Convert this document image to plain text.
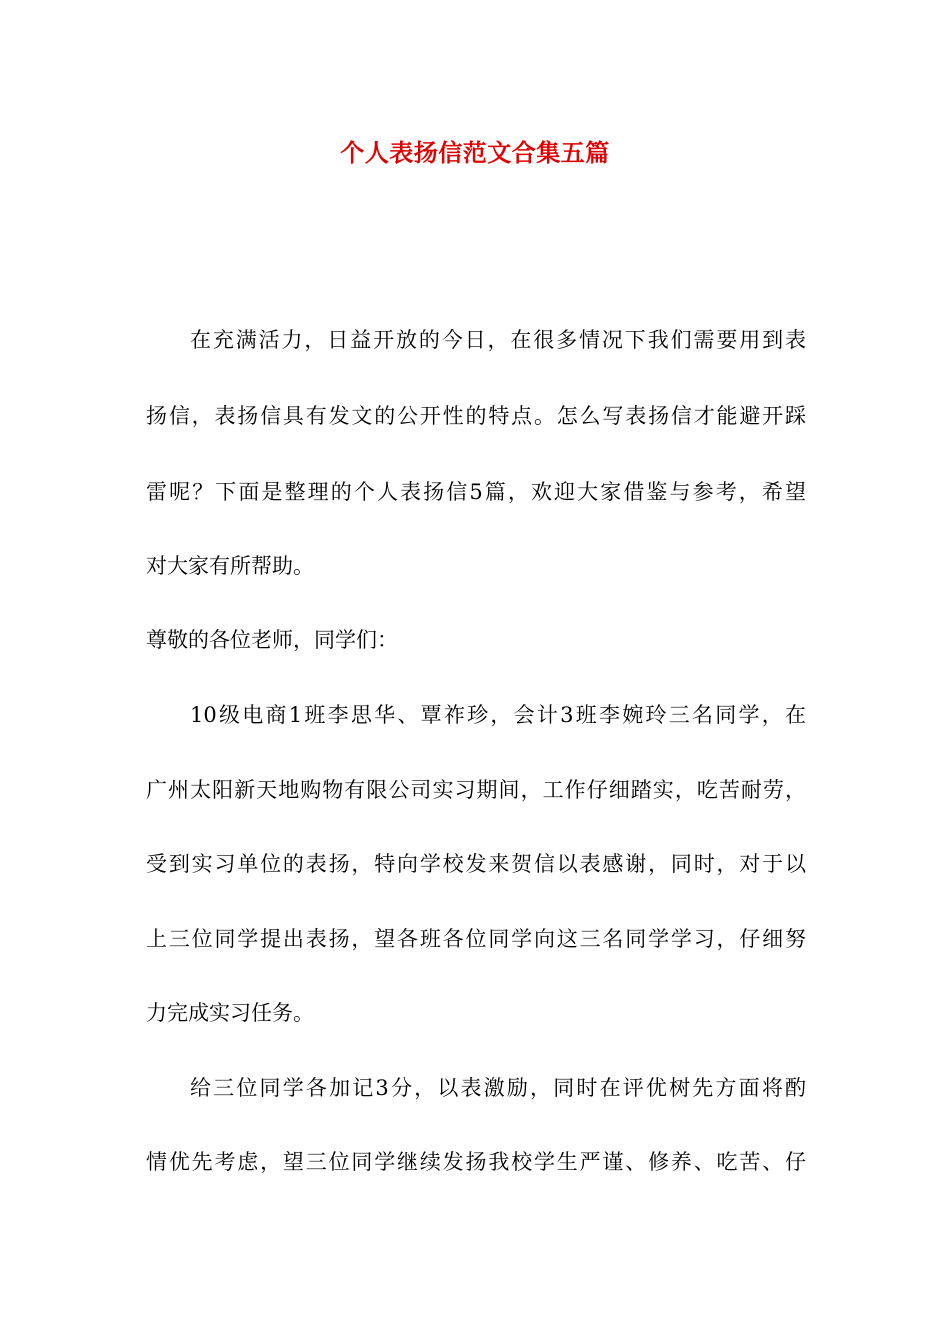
个人表扬信范文合集五篇
在充满活力，日益开放的今日，在很多情况下我们需要用到表
扬信，表扬信具有发文的公开性的特点。怎么写表扬信才能避开踩
雷呢？下面是整理的个人表扬信5篇，欢迎大家借鉴与参考，希望
对大家有所帮助。
尊敬的各位老师，同学们：
10级电商1班李思华、覃祚珍，会计3班李婉玲三名同学，在
广州太阳新天地购物有限公司实习期间，工作仔细踏实，吃苦耐劳，
受到实习单位的表扬，特向学校发来贺信以表感谢，同时，对于以
上三位同学提出表扬，望各班各位同学向这三名同学学习，仔细努
力完成实习任务。
给三位同学各加记3分，以表激励，同时在评优树先方面将酌
情优先考虑，望三位同学继续发扬我校学生严谨、修养、吃苦、仔
